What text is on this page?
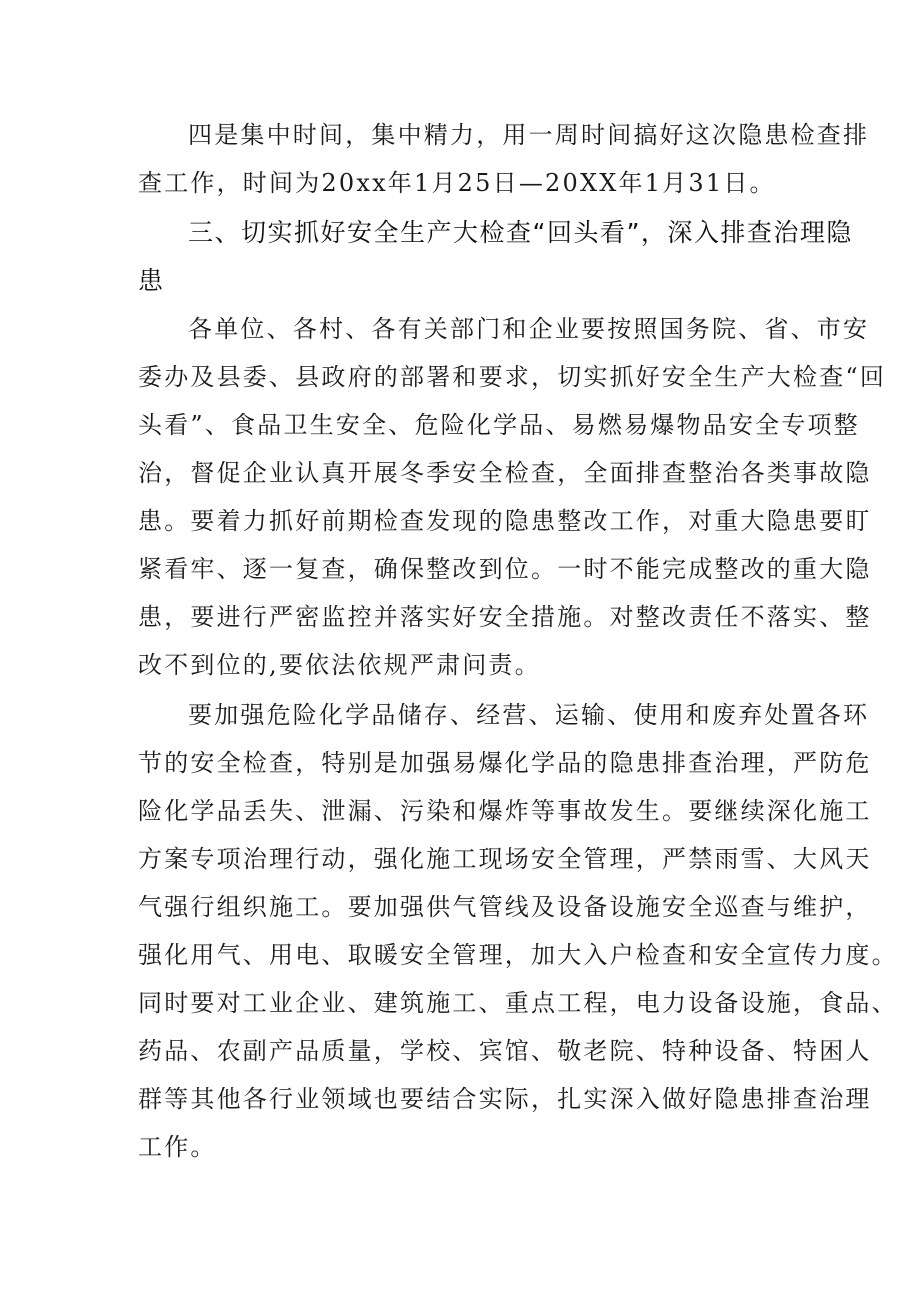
四是集中时间，集中精力，用一周时间搞好这次隐患检查排
查工作，时间为20xx年1月25日—20XX年1月31日。
三、切实抓好安全生产大检查“回头看”，深入排查治理隐
患
各单位、各村、各有关部门和企业要按照国务院、省、市安
委办及县委、县政府的部署和要求，切实抓好安全生产大检查“回
头看”、食品卫生安全、危险化学品、易燃易爆物品安全专项整
治，督促企业认真开展冬季安全检查，全面排查整治各类事故隐
患。要着力抓好前期检查发现的隐患整改工作，对重大隐患要盯
紧看牢、逐一复查，确保整改到位。一时不能完成整改的重大隐
患，要进行严密监控并落实好安全措施。对整改责任不落实、整
改不到位的,要依法依规严肃问责。
要加强危险化学品储存、经营、运输、使用和废弃处置各环
节的安全检查，特别是加强易爆化学品的隐患排查治理，严防危
险化学品丢失、泄漏、污染和爆炸等事故发生。要继续深化施工
方案专项治理行动，强化施工现场安全管理，严禁雨雪、大风天
气强行组织施工。要加强供气管线及设备设施安全巡查与维护，
强化用气、用电、取暖安全管理，加大入户检查和安全宣传力度。
同时要对工业企业、建筑施工、重点工程，电力设备设施，食品、
药品、农副产品质量，学校、宾馆、敬老院、特种设备、特困人
群等其他各行业领域也要结合实际，扎实深入做好隐患排查治理
工作。
